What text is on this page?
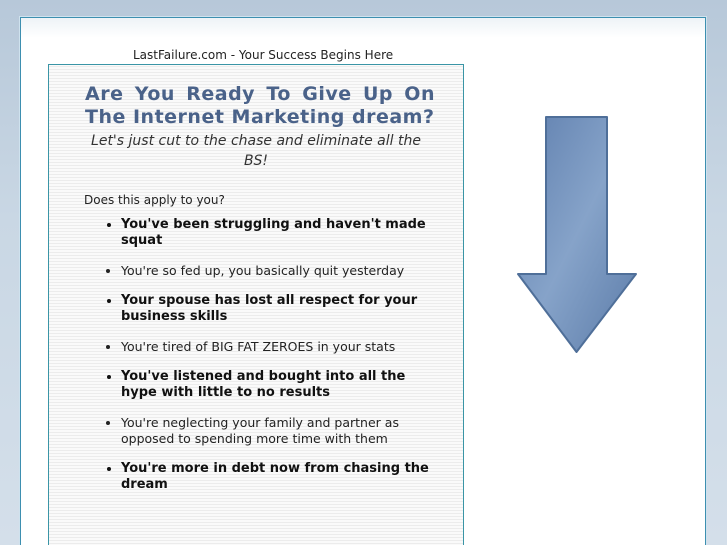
LastFailure.com - Your Success Begins Here
Are You Ready To Give Up On
The Internet Marketing dream?
Let's just cut to the chase and eliminate all the BS!
Does this apply to you?
• You've been struggling and haven't made squat
• You're so fed up, you basically quit yesterday
• Your spouse has lost all respect for your business skills
• You're tired of BIG FAT ZEROES in your stats
• You've listened and bought into all the hype with little to no results
• You're neglecting your family and partner as opposed to spending more time with them
• You're more in debt now from chasing the dream
